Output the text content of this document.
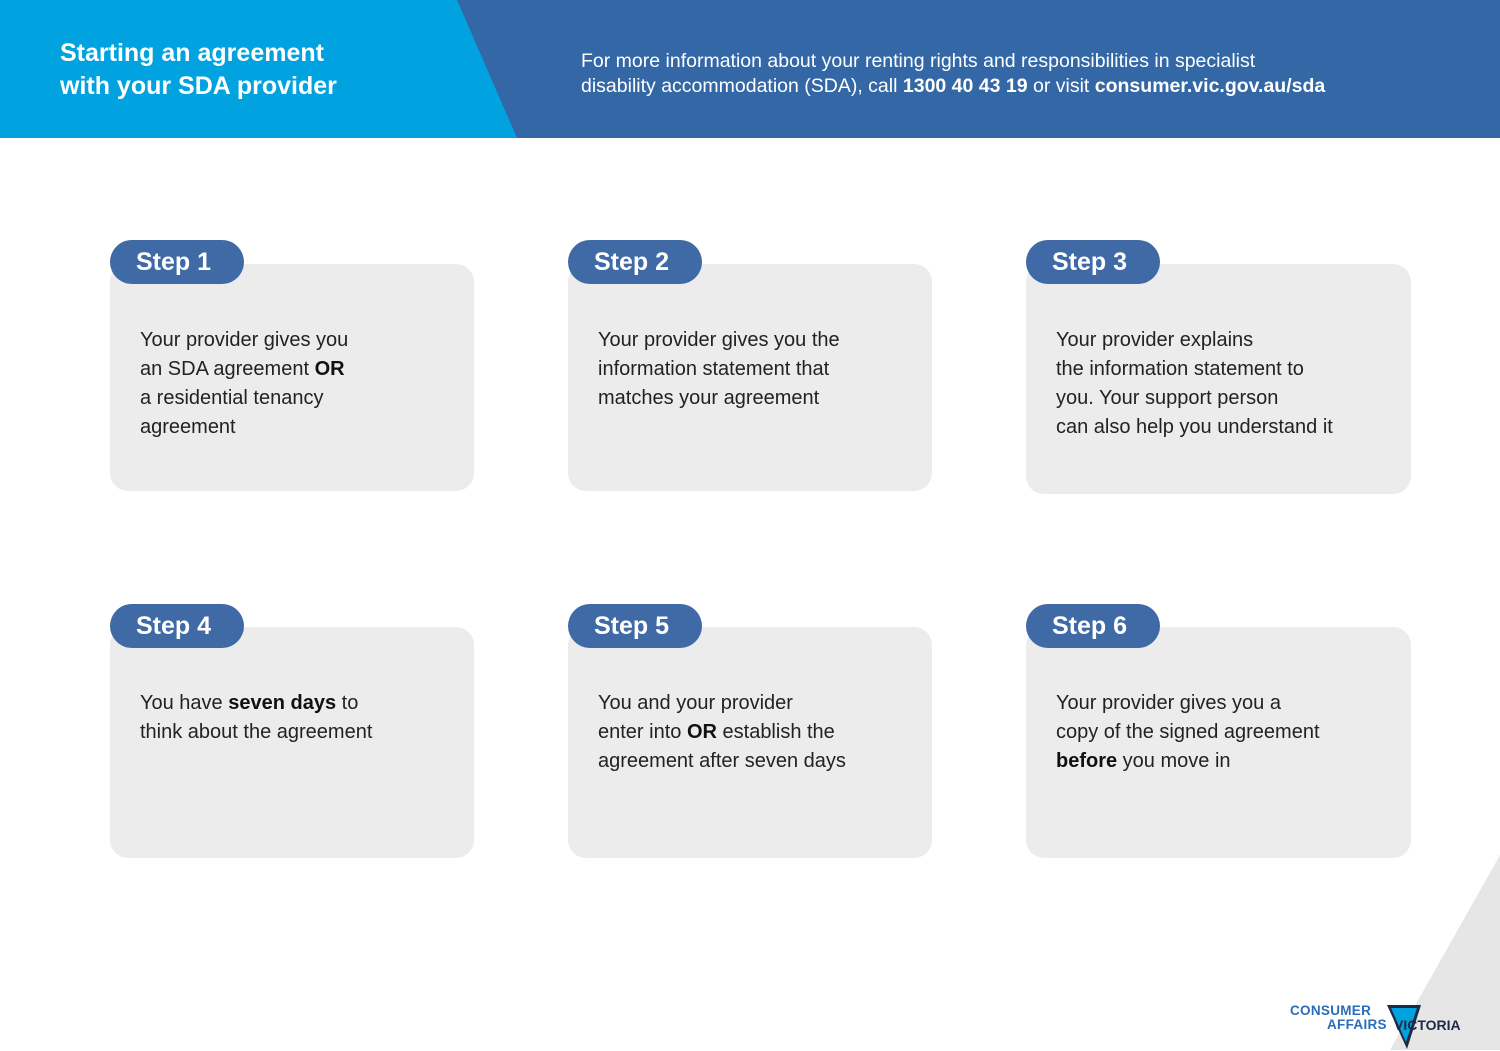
Starting an agreement
with your SDA provider
For more information about your renting rights and responsibilities in specialist
disability accommodation (SDA), call 1300 40 43 19 or visit consumer.vic.gov.au/sda
Step 1
Your provider gives you
an SDA agreement OR
a residential tenancy
agreement
Step 2
Your provider gives you the
information statement that
matches your agreement
Step 3
Your provider explains
the information statement to
you. Your support person
can also help you understand it
Step 4
You have seven days to
think about the agreement
Step 5
You and your provider
enter into OR establish the
agreement after seven days
Step 6
Your provider gives you a
copy of the signed agreement
before you move in
CONSUMER
AFFAIRS VICTORIA
